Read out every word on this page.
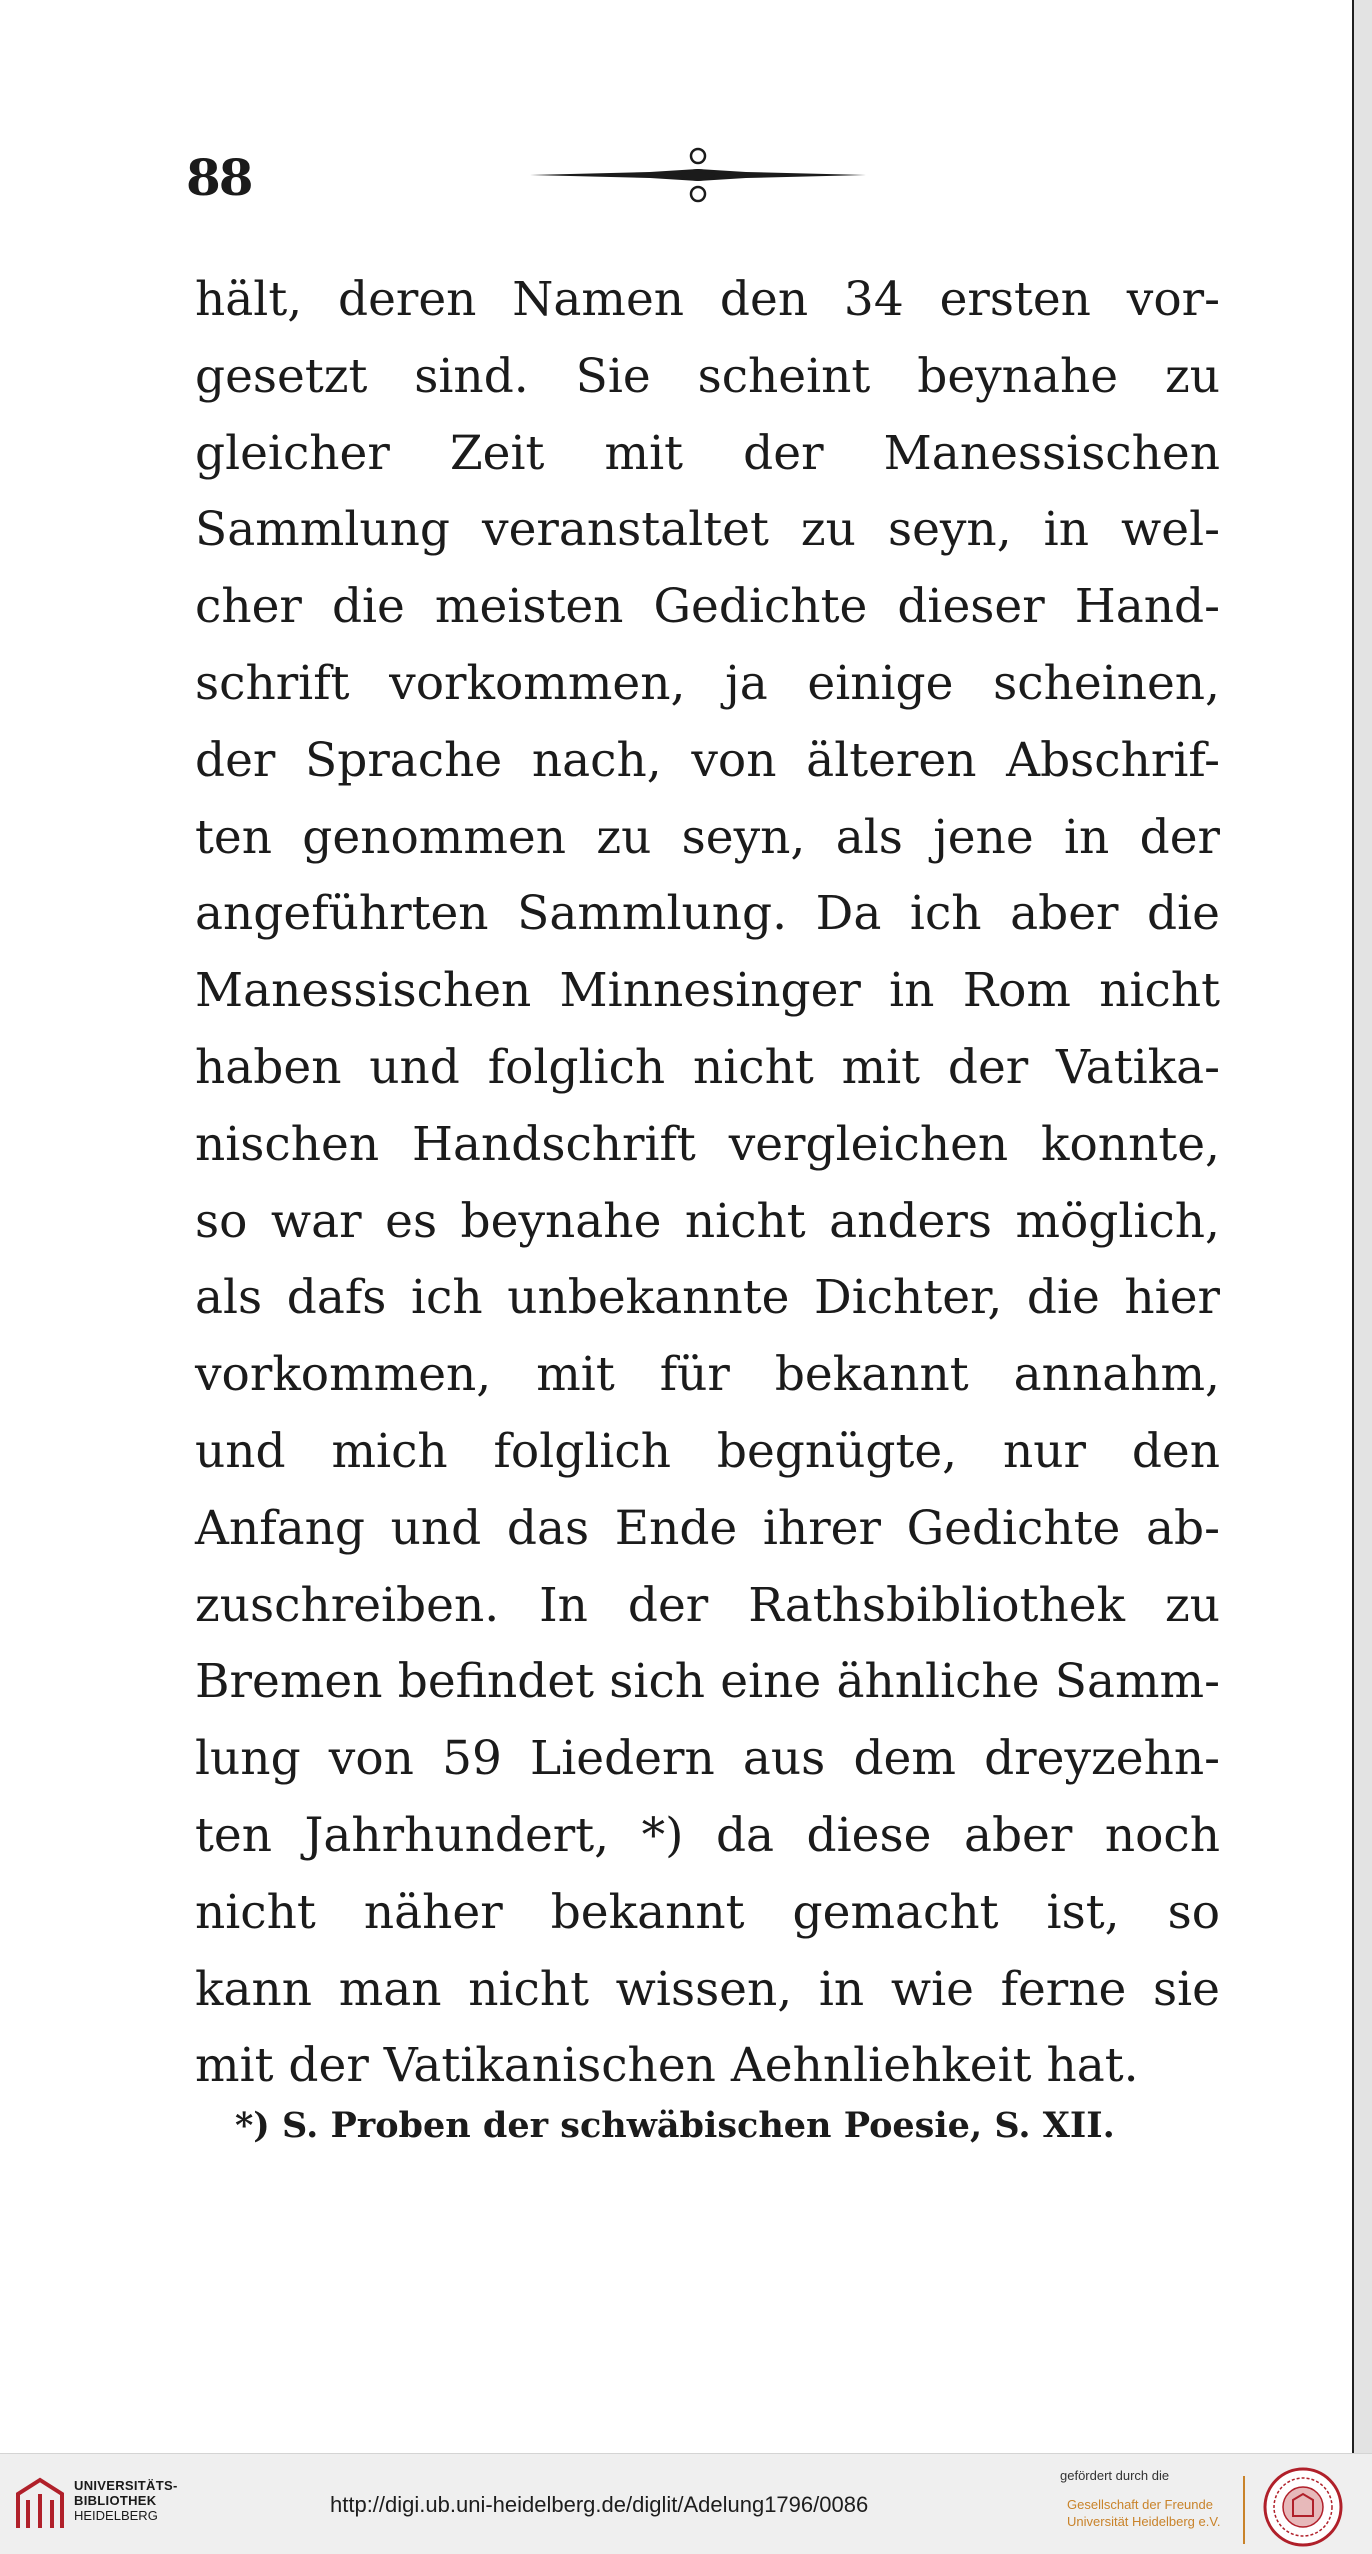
88
hält, deren Namen den 34 ersten vor-
gesetzt sind. Sie scheint beynahe zu
gleicher Zeit mit der Manessischen
Sammlung veranstaltet zu seyn, in wel-
cher die meisten Gedichte dieser Hand-
schrift vorkommen, ja einige scheinen,
der Sprache nach, von älteren Abschrif-
ten genommen zu seyn, als jene in der
angeführten Sammlung. Da ich aber die
Manessischen Minnesinger in Rom nicht
haben und folglich nicht mit der Vatika-
nischen Handschrift vergleichen konnte,
so war es beynahe nicht anders möglich,
als dafs ich unbekannte Dichter, die hier
vorkommen, mit für bekannt annahm,
und mich folglich begnügte, nur den
Anfang und das Ende ihrer Gedichte ab-
zuschreiben. In der Rathsbibliothek zu
Bremen befindet sich eine ähnliche Samm-
lung von 59 Liedern aus dem dreyzehn-
ten Jahrhundert, *) da diese aber noch
nicht näher bekannt gemacht ist, so
kann man nicht wissen, in wie ferne sie
mit der Vatikanischen Aehnliehkeit hat.
*) S. Proben der schwäbischen Poesie, S. XII.
UNIVERSITÄTS-
BIBLIOTHEK
HEIDELBERG	http://digi.ub.uni-heidelberg.de/diglit/Adelung1796/0086
gefördert durch die
Gesellschaft der Freunde
Universität Heidelberg e.V.
